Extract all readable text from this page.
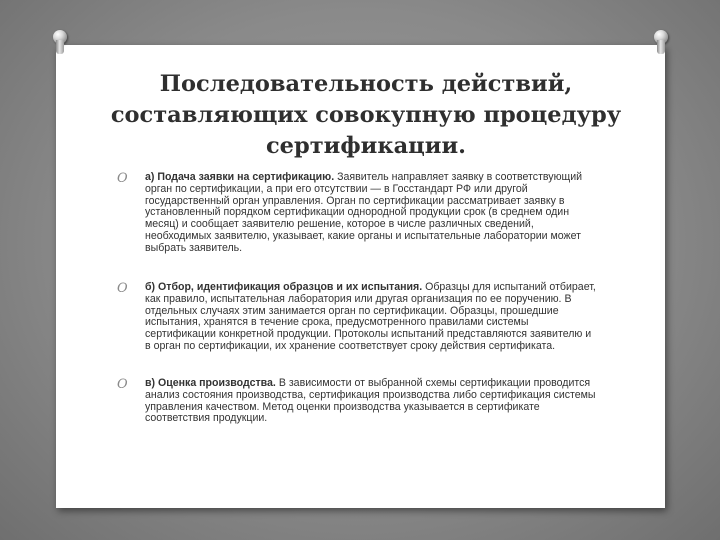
Последовательность действий, составляющих совокупную процедуру сертификации.
O а) Подача заявки на сертификацию. Заявитель направляет заявку в соответствующий орган по сертификации, а при его отсутствии — в Госстандарт РФ или другой государственный орган управления. Орган по сертификации рассматривает заявку в установленный порядком сертификации однородной продукции срок (в среднем один месяц) и сообщает заявителю решение, которое в числе различных сведений, необходимых заявителю, указывает, какие органы и испытательные лаборатории может выбрать заявитель.

O б) Отбор, идентификация образцов и их испытания. Образцы для испытаний отбирает, как правило, испытательная лаборатория или другая организация по ее поручению. В отдельных случаях этим занимается орган по сертификации. Образцы, прошедшие испытания, хранятся в течение срока, предусмотренного правилами системы сертификации конкретной продукции. Протоколы испытаний представляются заявителю и в орган по сертификации, их хранение соответствует сроку действия сертификата.

O в) Оценка производства. В зависимости от выбранной схемы сертификации проводится анализ состояния производства, сертификация производства либо сертификация системы управления качеством. Метод оценки производства указывается в сертификате соответствия продукции.
